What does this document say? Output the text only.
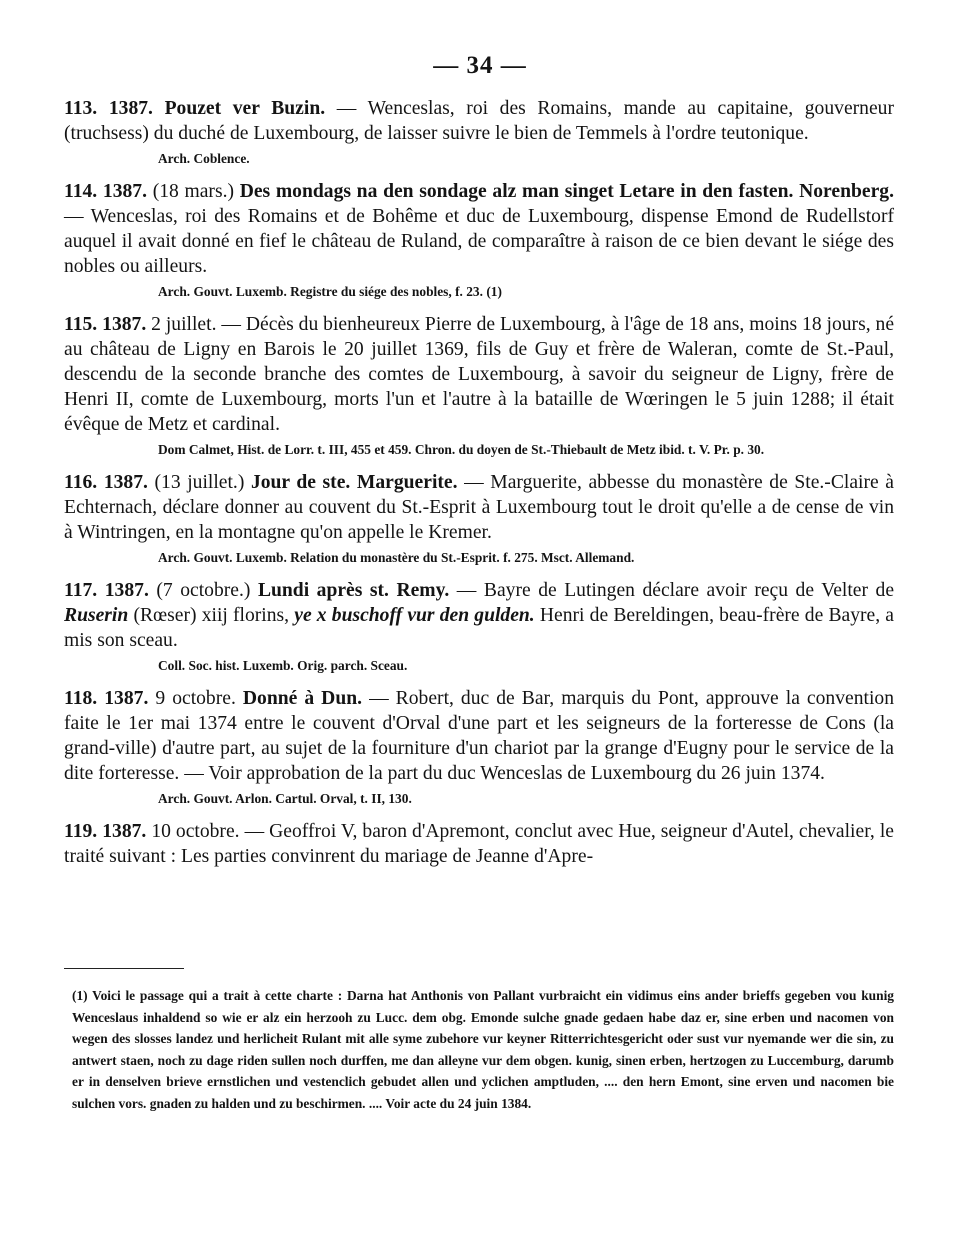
— 34 —

113. 1387. Pouzet ver Buzin. — Wenceslas, roi des Romains, mande au capitaine, gouverneur (truchsess) du duché de Luxembourg, de laisser suivre le bien de Temmels à l'ordre teutonique.

Arch. Coblence.

114. 1387. (18 mars.) Des mondags na den sondage alz man singet Letare in den fasten. Norenberg. — Wenceslas, roi des Romains et de Bohême et duc de Luxembourg, dispense Emond de Rudellstorf auquel il avait donné en fief le château de Ruland, de comparaître à raison de ce bien devant le siége des nobles ou ailleurs.

Arch. Gouvt. Luxemb. Registre du siége des nobles, f. 23. (1)

115. 1387. 2 juillet. — Décès du bienheureux Pierre de Luxembourg, à l'âge de 18 ans, moins 18 jours, né au château de Ligny en Barois le 20 juillet 1369, fils de Guy et frère de Waleran, comte de St.-Paul, descendu de la seconde branche des comtes de Luxembourg, à savoir du seigneur de Ligny, frère de Henri II, comte de Luxembourg, morts l'un et l'autre à la bataille de Wœringen le 5 juin 1288; il était évêque de Metz et cardinal.

Dom Calmet, Hist. de Lorr. t. III, 455 et 459. Chron. du doyen de St.-Thiebault de Metz ibid. t. V. Pr. p. 30.

116. 1387. (13 juillet.) Jour de ste. Marguerite. — Marguerite, abbesse du monastère de Ste.-Claire à Echternach, déclare donner au couvent du St.-Esprit à Luxembourg tout le droit qu'elle a de cense de vin à Wintringen, en la montagne qu'on appelle le Kremer.

Arch. Gouvt. Luxemb. Relation du monastère du St.-Esprit. f. 275. Msct. Allemand.

117. 1387. (7 octobre.) Lundi après st. Remy. — Bayre de Lutingen déclare avoir reçu de Velter de Ruserin (Rœser) xiij florins, ye x buschoff vur den gulden. Henri de Bereldingen, beau-frère de Bayre, a mis son sceau.

Coll. Soc. hist. Luxemb. Orig. parch. Sceau.

118. 1387. 9 octobre. Donné à Dun. — Robert, duc de Bar, marquis du Pont, approuve la convention faite le 1er mai 1374 entre le couvent d'Orval d'une part et les seigneurs de la forteresse de Cons (la grand-ville) d'autre part, au sujet de la fourniture d'un chariot par la grange d'Eugny pour le service de la dite forteresse. — Voir approbation de la part du duc Wenceslas de Luxembourg du 26 juin 1374.

Arch. Gouvt. Arlon. Cartul. Orval, t. II, 130.

119. 1387. 10 octobre. — Geoffroi V, baron d'Apremont, conclut avec Hue, seigneur d'Autel, chevalier, le traité suivant : Les parties convinrent du mariage de Jeanne d'Apre-

(1) Voici le passage qui a trait à cette charte : Darna hat Anthonis von Pallant vurbraicht ein vidimus eins ander brieffs gegeben vou kunig Wenceslaus inhaldend so wie er alz ein herzooh zu Lucc. dem obg. Emonde sulche gnade gedaen habe daz er, sine erben und nacomen von wegen des slosses landez und herlicheit Rulant mit alle syme zubehore vur keyner Ritterrichtesgericht oder sust vur nyemande wer die sin, zu antwert staen, noch zu dage riden sullen noch durffen, me dan alleyne vur dem obgen. kunig, sinen erben, hertzogen zu Luccemburg, darumb er in denselven brieve ernstlichen und vestenclich gebudet allen und yclichen amptluden, .... den hern Emont, sine erven und nacomen bie sulchen vors. gnaden zu halden und zu beschirmen. .... Voir acte du 24 juin 1384.
